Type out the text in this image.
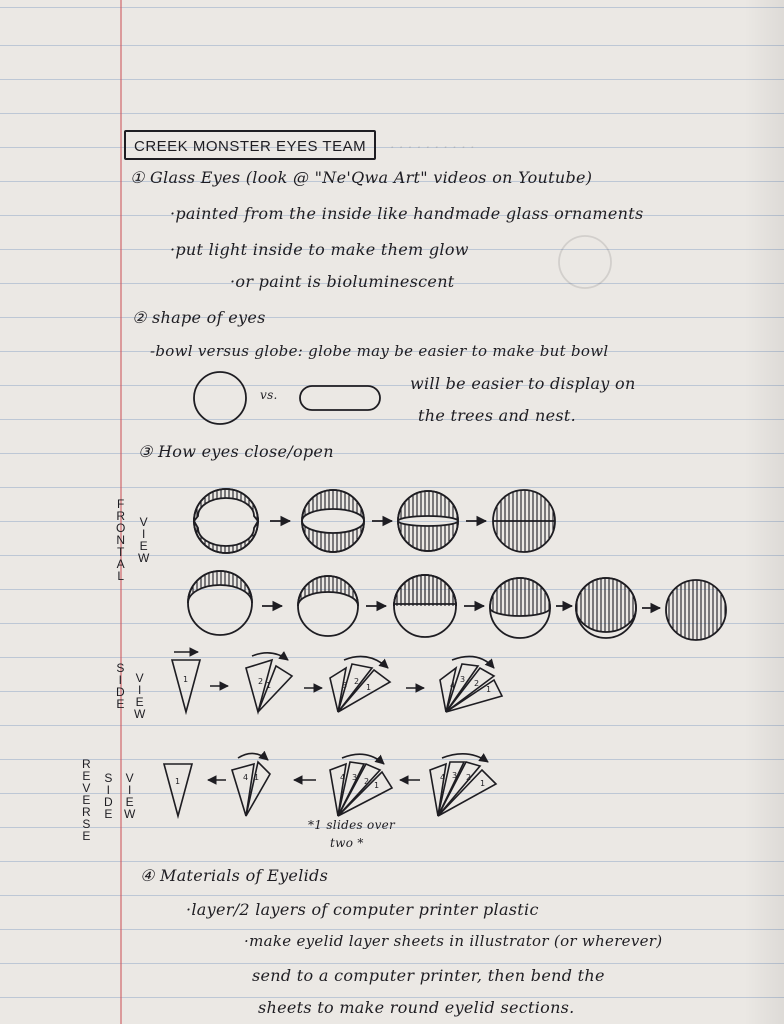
· · · · · · · · · ·
CREEK MONSTER EYES TEAM
① Glass Eyes (look @ "Ne'Qwa Art" videos on Youtube)
·painted from the inside like handmade glass ornaments
·put light inside to make them glow
·or paint is bioluminescent
② shape of eyes
-bowl versus globe: globe may be easier to make but bowl
will be easier to display on
the trees and nest.
vs.
③ How eyes close/open
F
R
O
N
T
A
L
V
I
E
W
S
I
D
E
V
I
E
W
R
E
V
E
R
S
E
S
I
D
E
V
I
E
W
*1 slides over
two *
④ Materials of Eyelids
·layer/2 layers of computer printer plastic
·make eyelid layer sheets in illustrator (or wherever)
send to a computer printer, then bend the
sheets to make round eyelid sections.
1	2 1	3 2
1	4
3 2
1
1	4 1	4 3 2 1
4 3 2
1
